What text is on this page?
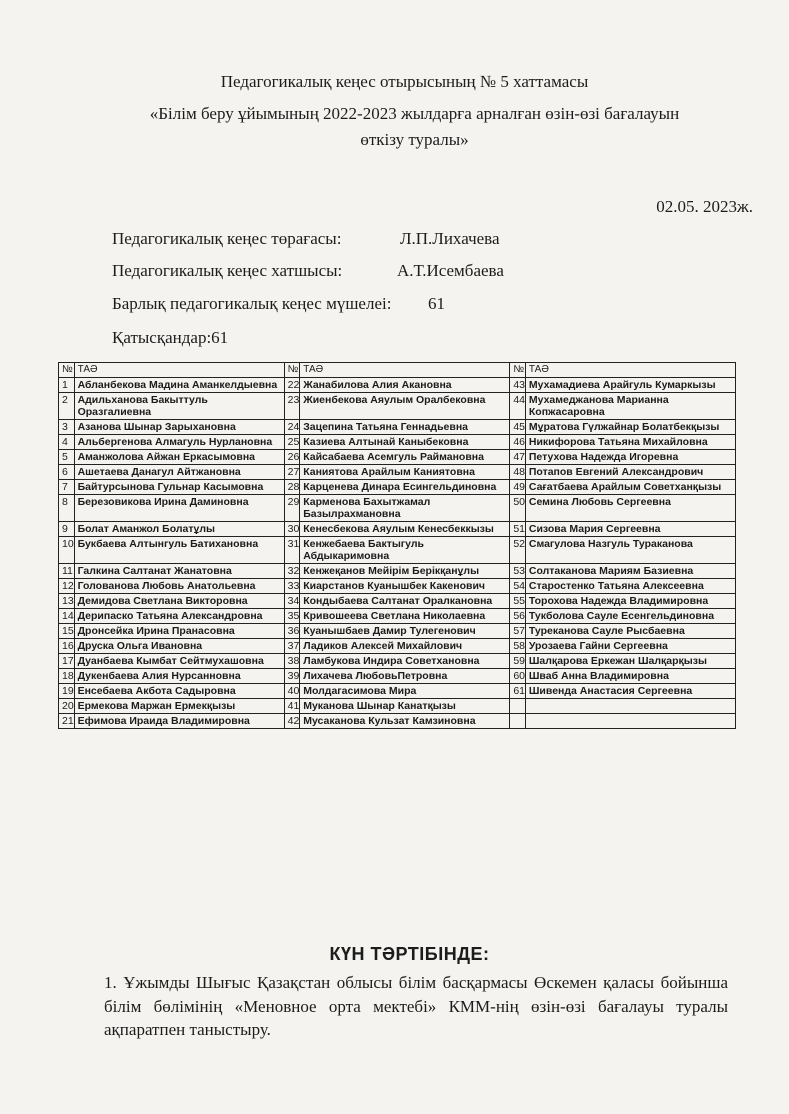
Педагогикалық кеңес отырысының № 5 хаттамасы
«Білім беру ұйымының 2022-2023 жылдарға арналған өзін-өзі бағалауын
өткізу туралы»
02.05. 2023ж.
Педагогикалық кеңес төрағасы:	Л.П.Лихачева
Педагогикалық кеңес хатшысы:	А.Т.Исембаева
Барлық педагогикалық кеңес мүшелеі: 61
Қатысқандар:61
№	ТАӘ	№	ТАӘ	№	ТАӘ
1	Абланбекова Мадина Аманкелдыевна	22	Жанабилова Алия Акановна	43	Мухамадиева Арайгуль Кумаркызы
2	Адильханова Бакыттуль Оразгалиевна	23	Жиенбекова Аяулым Оралбековна	44	Мухамеджанова Марианна Копжасаровна
3	Азанова Шынар Зарыхановна	24	Зацепина Татьяна Геннадьевна	45	Мұратова Гүлжайнар Болатбекқызы
4	Альбергенова Алмагуль Нурлановна	25	Казиева Алтынай Каныбековна	46	Никифорова Татьяна Михайловна
5	Аманжолова Айжан Еркасымовна	26	Кайсабаева Асемгуль Раймановна	47	Петухова Надежда Игоревна
6	Ашетаева Данагул Айтжановна	27	Каниятова Арайлым Каниятовна	48	Потапов Евгений Александрович
7	Байтурсынова Гульнар Касымовна	28	Карценева Динара Есингельдиновна	49	Сағатбаева Арайлым Советханқызы
8	Березовикова Ирина Даминовна	29	Карменова Бахытжамал Базылрахмановна	50	Семина Любовь Сергеевна
9	Болат Аманжол Болатұлы	30	Кенесбекова Аяулым Кенесбеккызы	51	Сизова Мария Сергеевна
10	Букбаева Алтынгуль Батихановна	31	Кенжебаева Бактыгуль Абдыкаримовна	52	Смагулова Назгуль Тураканова
11	Галкина Салтанат Жанатовна	32	Кенжеқанов Мейірім Берікқанұлы	53	Солтаканова Мариям Базиевна
12	Голованова Любовь Анатольевна	33	Киарстанов Куанышбек Какенович	54	Старостенко Татьяна Алексеевна
13	Демидова Светлана Викторовна	34	Кондыбаева Салтанат Оралкановна	55	Торохова Надежда Владимировна
14	Дерипаско Татьяна Александровна	35	Кривошеева Светлана Николаевна	56	Тукболова Сауле Есенгельдиновна
15	Дронсейка Ирина Пранасовна	36	Куанышбаев Дамир Тулегенович	57	Туреканова Сауле Рысбаевна
16	Друска Ольга Ивановна	37	Ладиков Алексей Михайлович	58	Урозаева Гайни Сергеевна
17	Дуанбаева Кымбат Сейтмухашовна	38	Ламбукова Индира Советхановна	59	Шалқарова Еркежан Шалқарқызы
18	Дукенбаева Алия Нурсанновна	39	Лихачева ЛюбовьПетровна	60	Шваб Анна Владимировна
19	Енсебаева Акбота Садыровна	40	Молдагасимова Мира	61	Шивенда Анастасия Сергеевна
20	Ермекова Маржан Ермекқызы	41	Муканова Шынар Канатқызы		
21	Ефимова Ираида Владимировна	42	Мусаканова Кульзат Камзиновна		
КҮН ТӘРТІБІНДЕ:
1. Ұжымды Шығыс Қазақстан облысы білім басқармасы Өскемен қаласы бойынша білім бөлімінің «Меновное орта мектебі» КММ-нің өзін-өзі бағалауы туралы ақпаратпен таныстыру.
